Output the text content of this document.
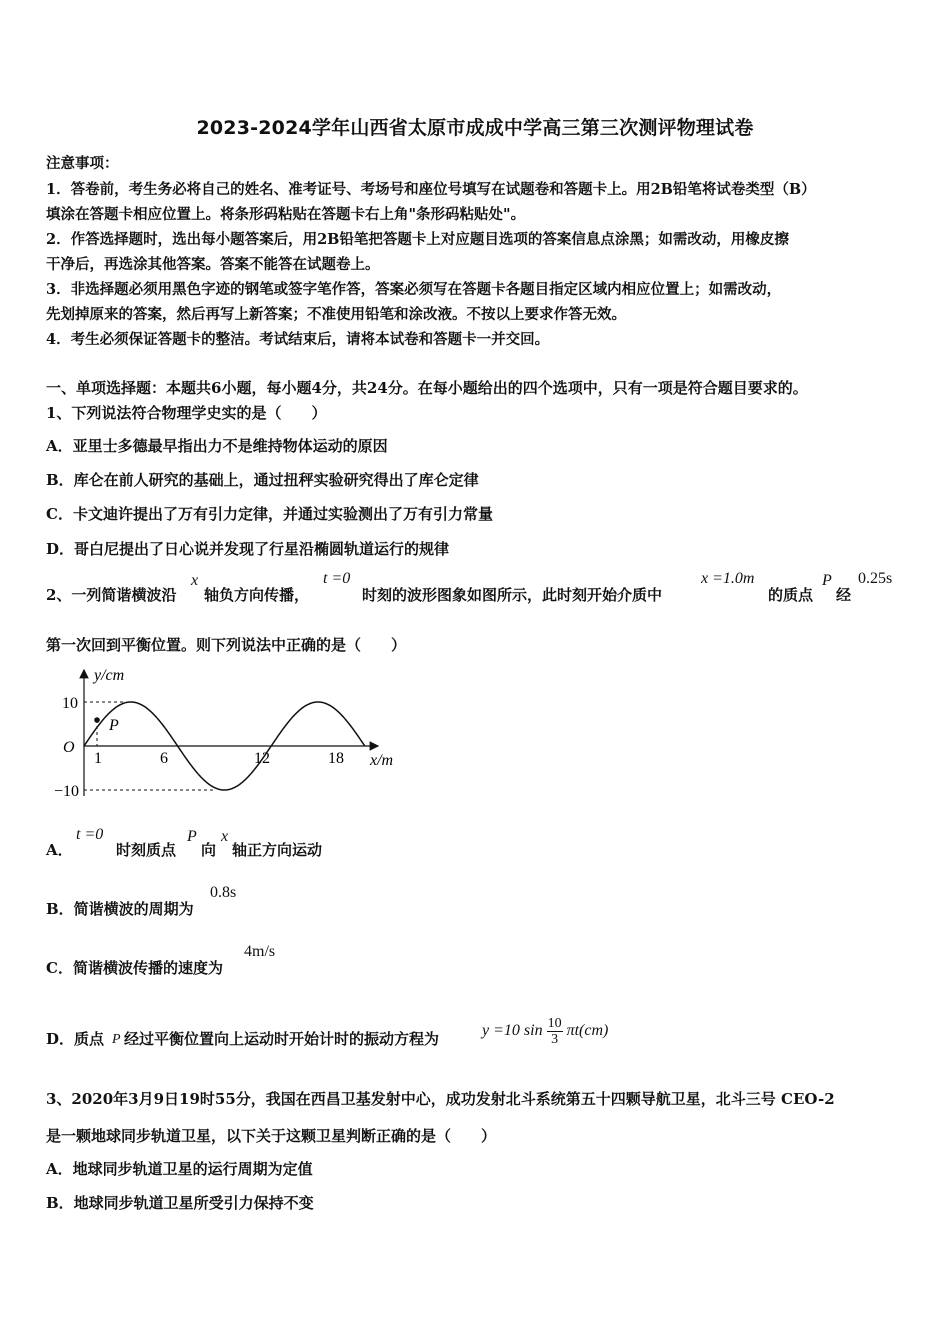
2023-2024学年山西省太原市成成中学高三第三次测评物理试卷
注意事项：
1．答卷前，考生务必将自己的姓名、准考证号、考场号和座位号填写在试题卷和答题卡上。用2B铅笔将试卷类型（B）
填涂在答题卡相应位置上。将条形码粘贴在答题卡右上角"条形码粘贴处"。
2．作答选择题时，选出每小题答案后，用2B铅笔把答题卡上对应题目选项的答案信息点涂黑；如需改动，用橡皮擦
干净后，再选涂其他答案。答案不能答在试题卷上。
3．非选择题必须用黑色字迹的钢笔或签字笔作答，答案必须写在答题卡各题目指定区域内相应位置上；如需改动，
先划掉原来的答案，然后再写上新答案；不准使用铅笔和涂改液。不按以上要求作答无效。
4．考生必须保证答题卡的整洁。考试结束后，请将本试卷和答题卡一并交回。
一、单项选择题：本题共6小题，每小题4分，共24分。在每小题给出的四个选项中，只有一项是符合题目要求的。
1、下列说法符合物理学史实的是（　　）
A．亚里士多德最早指出力不是维持物体运动的原因
B．库仑在前人研究的基础上，通过扭秤实验研究得出了库仑定律
C．卡文迪许提出了万有引力定律，并通过实验测出了万有引力常量
D．哥白尼提出了日心说并发现了行星沿椭圆轨道运行的规律
2、一列简谐横波沿
x
轴负方向传播，
t =0
时刻的波形图象如图所示，此时刻开始介质中
x =1.0m
的质点
P
经
0.25s
第一次回到平衡位置。则下列说法中正确的是（　　）
y/cm
x/m
O
10
−10
1	6	12	18
P
A．
t =0
时刻质点
P
向
x
轴正方向运动
B．简谐横波的周期为
0.8s
C．简谐横波传播的速度为
4m/s
D．质点 P 经过平衡位置向上运动时开始计时的振动方程为	y =10 $\sin \frac{10}{3} \pi t(cm)$
3、2020年3月9日19时55分，我国在西昌卫基发射中心，成功发射北斗系统第五十四颗导航卫星，北斗三号 CEO-2
是一颗地球同步轨道卫星，以下关于这颗卫星判断正确的是（　　）
A．地球同步轨道卫星的运行周期为定值
B．地球同步轨道卫星所受引力保持不变
